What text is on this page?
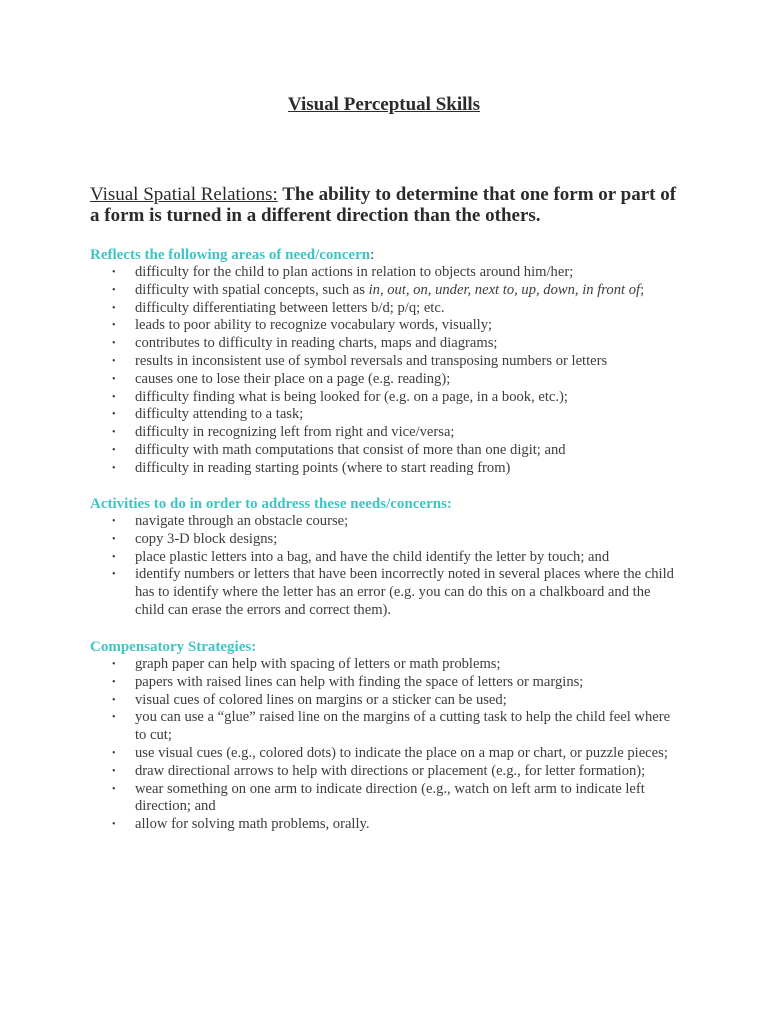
Visual Perceptual Skills
Visual Spatial Relations: The ability to determine that one form or part of a form is turned in a different direction than the others.
Reflects the following areas of need/concern:
•
difficulty for the child to plan actions in relation to objects around him/her;
•
difficulty with spatial concepts, such as in, out, on, under, next to, up, down, in front of;
•
difficulty differentiating between letters b/d; p/q; etc.
•
leads to poor ability to recognize vocabulary words, visually;
•
contributes to difficulty in reading charts, maps and diagrams;
•
results in inconsistent use of symbol reversals and transposing numbers or letters
•
causes one to lose their place on a page (e.g. reading);
•
difficulty finding what is being looked for (e.g. on a page, in a book, etc.);
•
difficulty attending to a task;
•
difficulty in recognizing left from right and vice/versa;
•
difficulty with math computations that consist of more than one digit; and
•
difficulty in reading starting points (where to start reading from)
Activities to do in order to address these needs/concerns:
•
navigate through an obstacle course;
•
copy 3-D block designs;
•
place plastic letters into a bag, and have the child identify the letter by touch; and
•
identify numbers or letters that have been incorrectly noted in several places where the child has to identify where the letter has an error (e.g. you can do this on a chalkboard and the child can erase the errors and correct them).
Compensatory Strategies:
•
graph paper can help with spacing of letters or math problems;
•
papers with raised lines can help with finding the space of letters or margins;
•
visual cues of colored lines on margins or a sticker can be used;
•
you can use a “glue” raised line on the margins of a cutting task to help the child feel where to cut;
•
use visual cues (e.g., colored dots) to indicate the place on a map or chart, or puzzle pieces;
•
draw directional arrows to help with directions or placement (e.g., for letter formation);
•
wear something on one arm to indicate direction (e.g., watch on left arm to indicate left direction; and
•
allow for solving math problems, orally.
